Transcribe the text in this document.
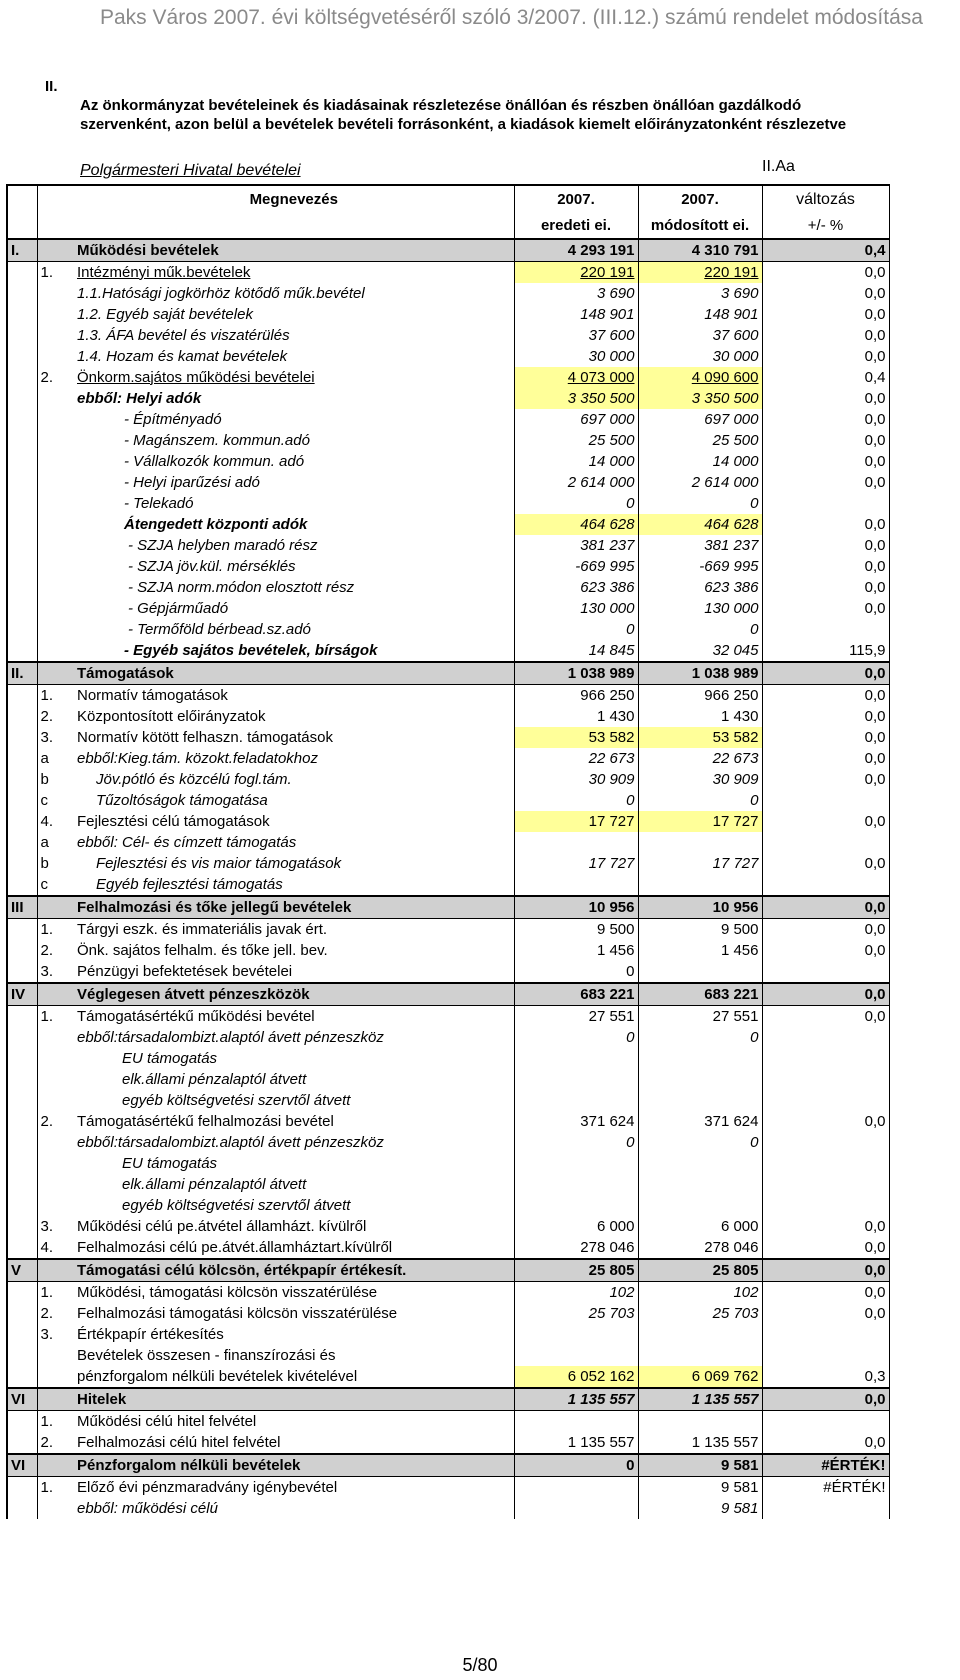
Paks Város 2007. évi költségvetéséről szóló 3/2007. (III.12.) számú rendelet módosítása
II.
Az önkormányzat bevételeinek és kiadásainak részletezése önállóan és részben önállóan gazdálkodó szervenként, azon belül a bevételek bevételi forrásonként, a kiadások kiemelt előirányzatonként részlezetve
Polgármesteri Hivatal bevételei	II.Aa
		Megnevezés	2007.	2007.	változás
			eredeti ei.	módosított ei.	+/- %
I.		Működési bevételek	4 293 191	4 310 791	0,4
	1.	Intézményi műk.bevételek	220 191	220 191	0,0
		1.1.Hatósági jogkörhöz kötődő műk.bevétel	3 690	3 690	0,0
		1.2. Egyéb saját bevételek	148 901	148 901	0,0
		1.3. ÁFA bevétel és viszatérülés	37 600	37 600	0,0
		1.4. Hozam és kamat bevételek	30 000	30 000	0,0
	2.	Önkorm.sajátos működési bevételei	4 073 000	4 090 600	0,4
		ebből: Helyi adók	3 350 500	3 350 500	0,0
		- Építményadó	697 000	697 000	0,0
		- Magánszem. kommun.adó	25 500	25 500	0,0
		- Vállalkozók kommun. adó	14 000	14 000	0,0
		- Helyi iparűzési adó	2 614 000	2 614 000	0,0
		- Telekadó	0	0	
		Átengedett központi adók	464 628	464 628	0,0
		- SZJA helyben maradó rész	381 237	381 237	0,0
		- SZJA jöv.kül. mérséklés	-669 995	-669 995	0,0
		- SZJA norm.módon elosztott rész	623 386	623 386	0,0
		- Gépjárműadó	130 000	130 000	0,0
		- Termőföld bérbead.sz.adó	0	0	
		- Egyéb sajátos bevételek, bírságok	14 845	32 045	115,9
II.		Támogatások	1 038 989	1 038 989	0,0
	1.	Normatív támogatások	966 250	966 250	0,0
	2.	Központosított előirányzatok	1 430	1 430	0,0
	3.	Normatív kötött felhaszn. támogatások	53 582	53 582	0,0
	a	ebből:Kieg.tám. közokt.feladatokhoz	22 673	22 673	0,0
	b	Jöv.pótló és közcélú fogl.tám.	30 909	30 909	0,0
	c	Tűzoltóságok támogatása	0	0	
	4.	Fejlesztési célú támogatások	17 727	17 727	0,0
	a	ebből: Cél- és címzett támogatás			
	b	Fejlesztési és vis maior támogatások	17 727	17 727	0,0
	c	Egyéb fejlesztési támogatás			
III		Felhalmozási és tőke jellegű bevételek	10 956	10 956	0,0
	1.	Tárgyi eszk. és immateriális javak ért.	9 500	9 500	0,0
	2.	Önk. sajátos felhalm. és tőke jell. bev.	1 456	1 456	0,0
	3.	Pénzügyi befektetések bevételei	0		
IV		Véglegesen átvett pénzeszközök	683 221	683 221	0,0
	1.	Támogatásértékű működési bevétel	27 551	27 551	0,0
		ebből:társadalombizt.alaptól ávett pénzeszköz	0	0	
		EU támogatás			
		elk.állami pénzalaptól átvett			
		egyéb költségvetési szervtől átvett			
	2.	Támogatásértékű felhalmozási bevétel	371 624	371 624	0,0
		ebből:társadalombizt.alaptól ávett pénzeszköz	0	0	
		EU támogatás			
		elk.állami pénzalaptól átvett			
		egyéb költségvetési szervtől átvett			
	3.	Működési célú pe.átvétel államházt. kívülről	6 000	6 000	0,0
	4.	Felhalmozási célú pe.átvét.államháztart.kívülről	278 046	278 046	0,0
V		Támogatási célú kölcsön, értékpapír értékesít.	25 805	25 805	0,0
	1.	Működési, támogatási kölcsön visszatérülése	102	102	0,0
	2.	Felhalmozási támogatási kölcsön visszatérülése	25 703	25 703	0,0
	3.	Értékpapír értékesítés			
		Bevételek összesen - finanszírozási és			
		pénzforgalom nélküli bevételek kivételével	6 052 162	6 069 762	0,3
VI		Hitelek	1 135 557	1 135 557	0,0
	1.	Működési célú hitel felvétel			
	2.	Felhalmozási célú hitel felvétel	1 135 557	1 135 557	0,0
VI		Pénzforgalom nélküli bevételek	0	9 581	#ÉRTÉK!
	1.	Előző évi pénzmaradvány igénybevétel		9 581	#ÉRTÉK!
		ebből: működési célú		9 581	
5/80
